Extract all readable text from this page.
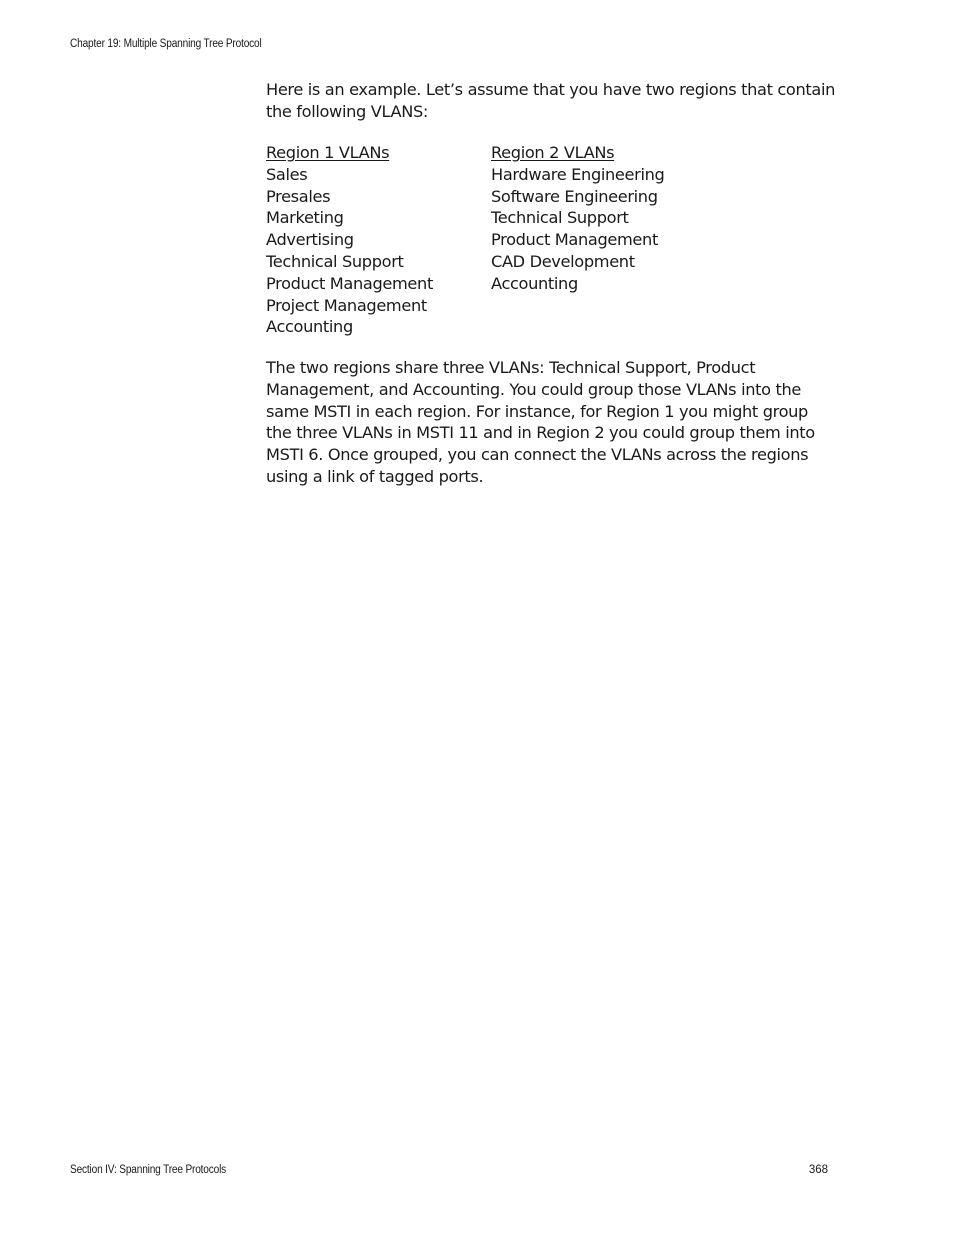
Chapter 19: Multiple Spanning Tree Protocol

Here is an example. Let’s assume that you have two regions that contain the following VLANS:

Region 1 VLANs
Sales
Presales
Marketing
Advertising
Technical Support
Product Management
Project Management
Accounting
Region 2 VLANs
Hardware Engineering
Software Engineering
Technical Support
Product Management
CAD Development
Accounting

The two regions share three VLANs: Technical Support, Product Management, and Accounting. You could group those VLANs into the same MSTI in each region. For instance, for Region 1 you might group the three VLANs in MSTI 11 and in Region 2 you could group them into MSTI 6. Once grouped, you can connect the VLANs across the regions using a link of tagged ports.

Section IV: Spanning Tree Protocols	368
